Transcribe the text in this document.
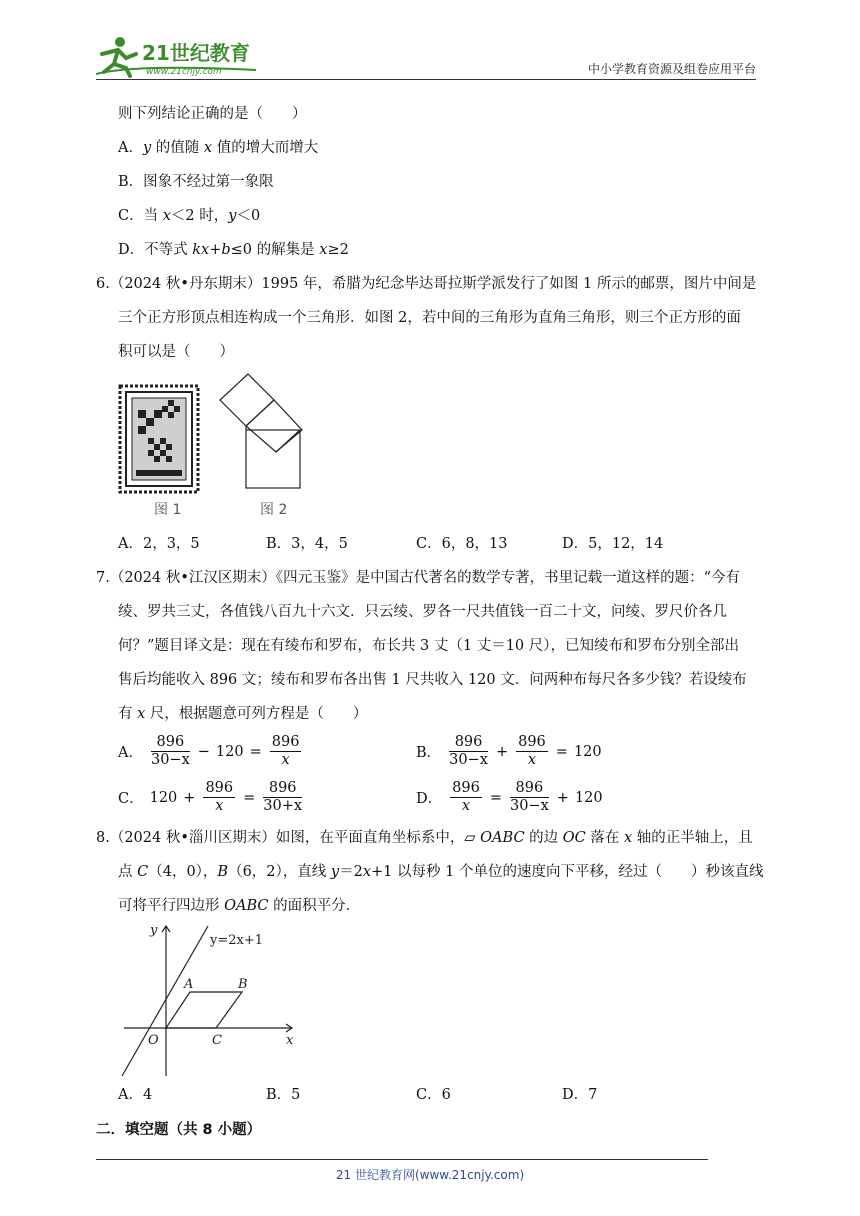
21世纪教育
www.21cnjy.com	中小学教育资源及组卷应用平台
则下列结论正确的是（　　）
A．y 的值随 x 值的增大而增大
B．图象不经过第一象限
C．当 x＜2 时，y＜0
D．不等式 kx+b≤0 的解集是 x≥2
6.（2024 秋•丹东期末）1995 年，希腊为纪念毕达哥拉斯学派发行了如图 1 所示的邮票，图片中间是
三个正方形顶点相连构成一个三角形．如图 2，若中间的三角形为直角三角形，则三个正方形的面
积可以是（　　）
图 1	图 2
A．2，3，5	B．3，4，5	C．6，8，13	D．5，12，14
7.（2024 秋•江汉区期末）《四元玉鉴》是中国古代著名的数学专著，书里记载一道这样的题：“今有
绫、罗共三丈，各值钱八百九十六文．只云绫、罗各一尺共值钱一百二十文，问绫、罗尺价各几
何？”题目译文是：现在有绫布和罗布，布长共 3 丈（1 丈＝10 尺），已知绫布和罗布分别全部出
售后均能收入 896 文；绫布和罗布各出售 1 尺共收入 120 文．问两种布每尺各多少钱？若设绫布
有 x 尺，根据题意可列方程是（　　）
A． $\frac{896}{30-x} - 120 = \frac{896}{x}$	B． $\frac{896}{30-x} + \frac{896}{x} = 120$
C． $120 + \frac{896}{x} = \frac{896}{30+x}$	D． $\frac{896}{x} = \frac{896}{30-x} + 120$
8.（2024 秋•淄川区期末）如图，在平面直角坐标系中，▱ OABC 的边 OC 落在 x 轴的正半轴上，且
点 C（4，0），B（6，2），直线 y＝2x+1 以每秒 1 个单位的速度向下平移，经过（　　）秒该直线
可将平行四边形 OABC 的面积平分．
y=2x+1
y
x
O
A	B
C
A．4	B．5	C．6	D．7
二．填空题（共 8 小题）
21 世纪教育网(www.21cnjy.com)
